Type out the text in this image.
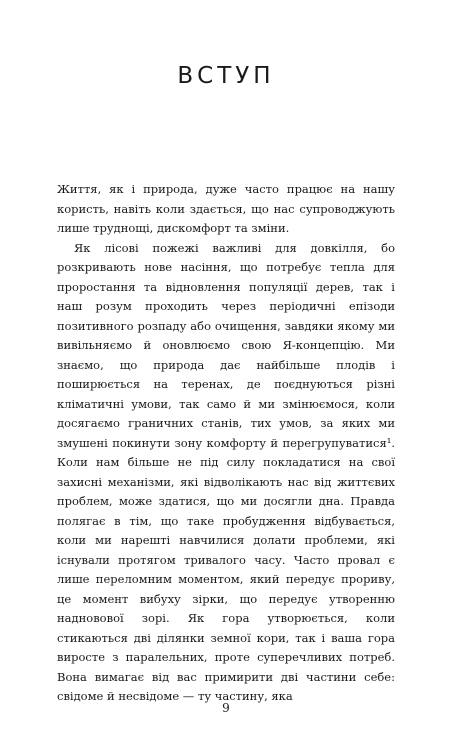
ВСТУП

Життя, як і природа, дуже часто працює на нашу користь, навіть коли здається, що нас супроводжують лише труднощі, дискомфорт та зміни.

Як лісові пожежі важливі для довкілля, бо розкривають нове насіння, що потребує тепла для проростання та відновлення популяції дерев, так і наш розум проходить через періодичні епізоди позитивного розпаду або очищення, завдяки якому ми вивільняємо й оновлюємо свою Я-концепцію. Ми знаємо, що природа дає найбільше плодів і поширюється на теренах, де поєднуються різні кліматичні умови, так само й ми змінюємося, коли досягаємо граничних станів, тих умов, за яких ми змушені покинути зону комфорту й перегрупуватися¹. Коли нам більше не під силу покладатися на свої захисні механізми, які відволікають нас від життєвих проблем, може здатися, що ми досягли дна. Правда полягає в тім, що таке пробудження відбувається, коли ми нарешті навчилися долати проблеми, які існували протягом тривалого часу. Часто провал є лише переломним моментом, який передує прориву, це момент вибуху зірки, що передує утворенню надновової зорі. Як гора утворюється, коли стикаються дві ділянки земної кори, так і ваша гора виросте з паралельних, проте суперечливих потреб. Вона вимагає від вас примирити дві частини себе: свідоме й несвідоме — ту частину, яка

9
